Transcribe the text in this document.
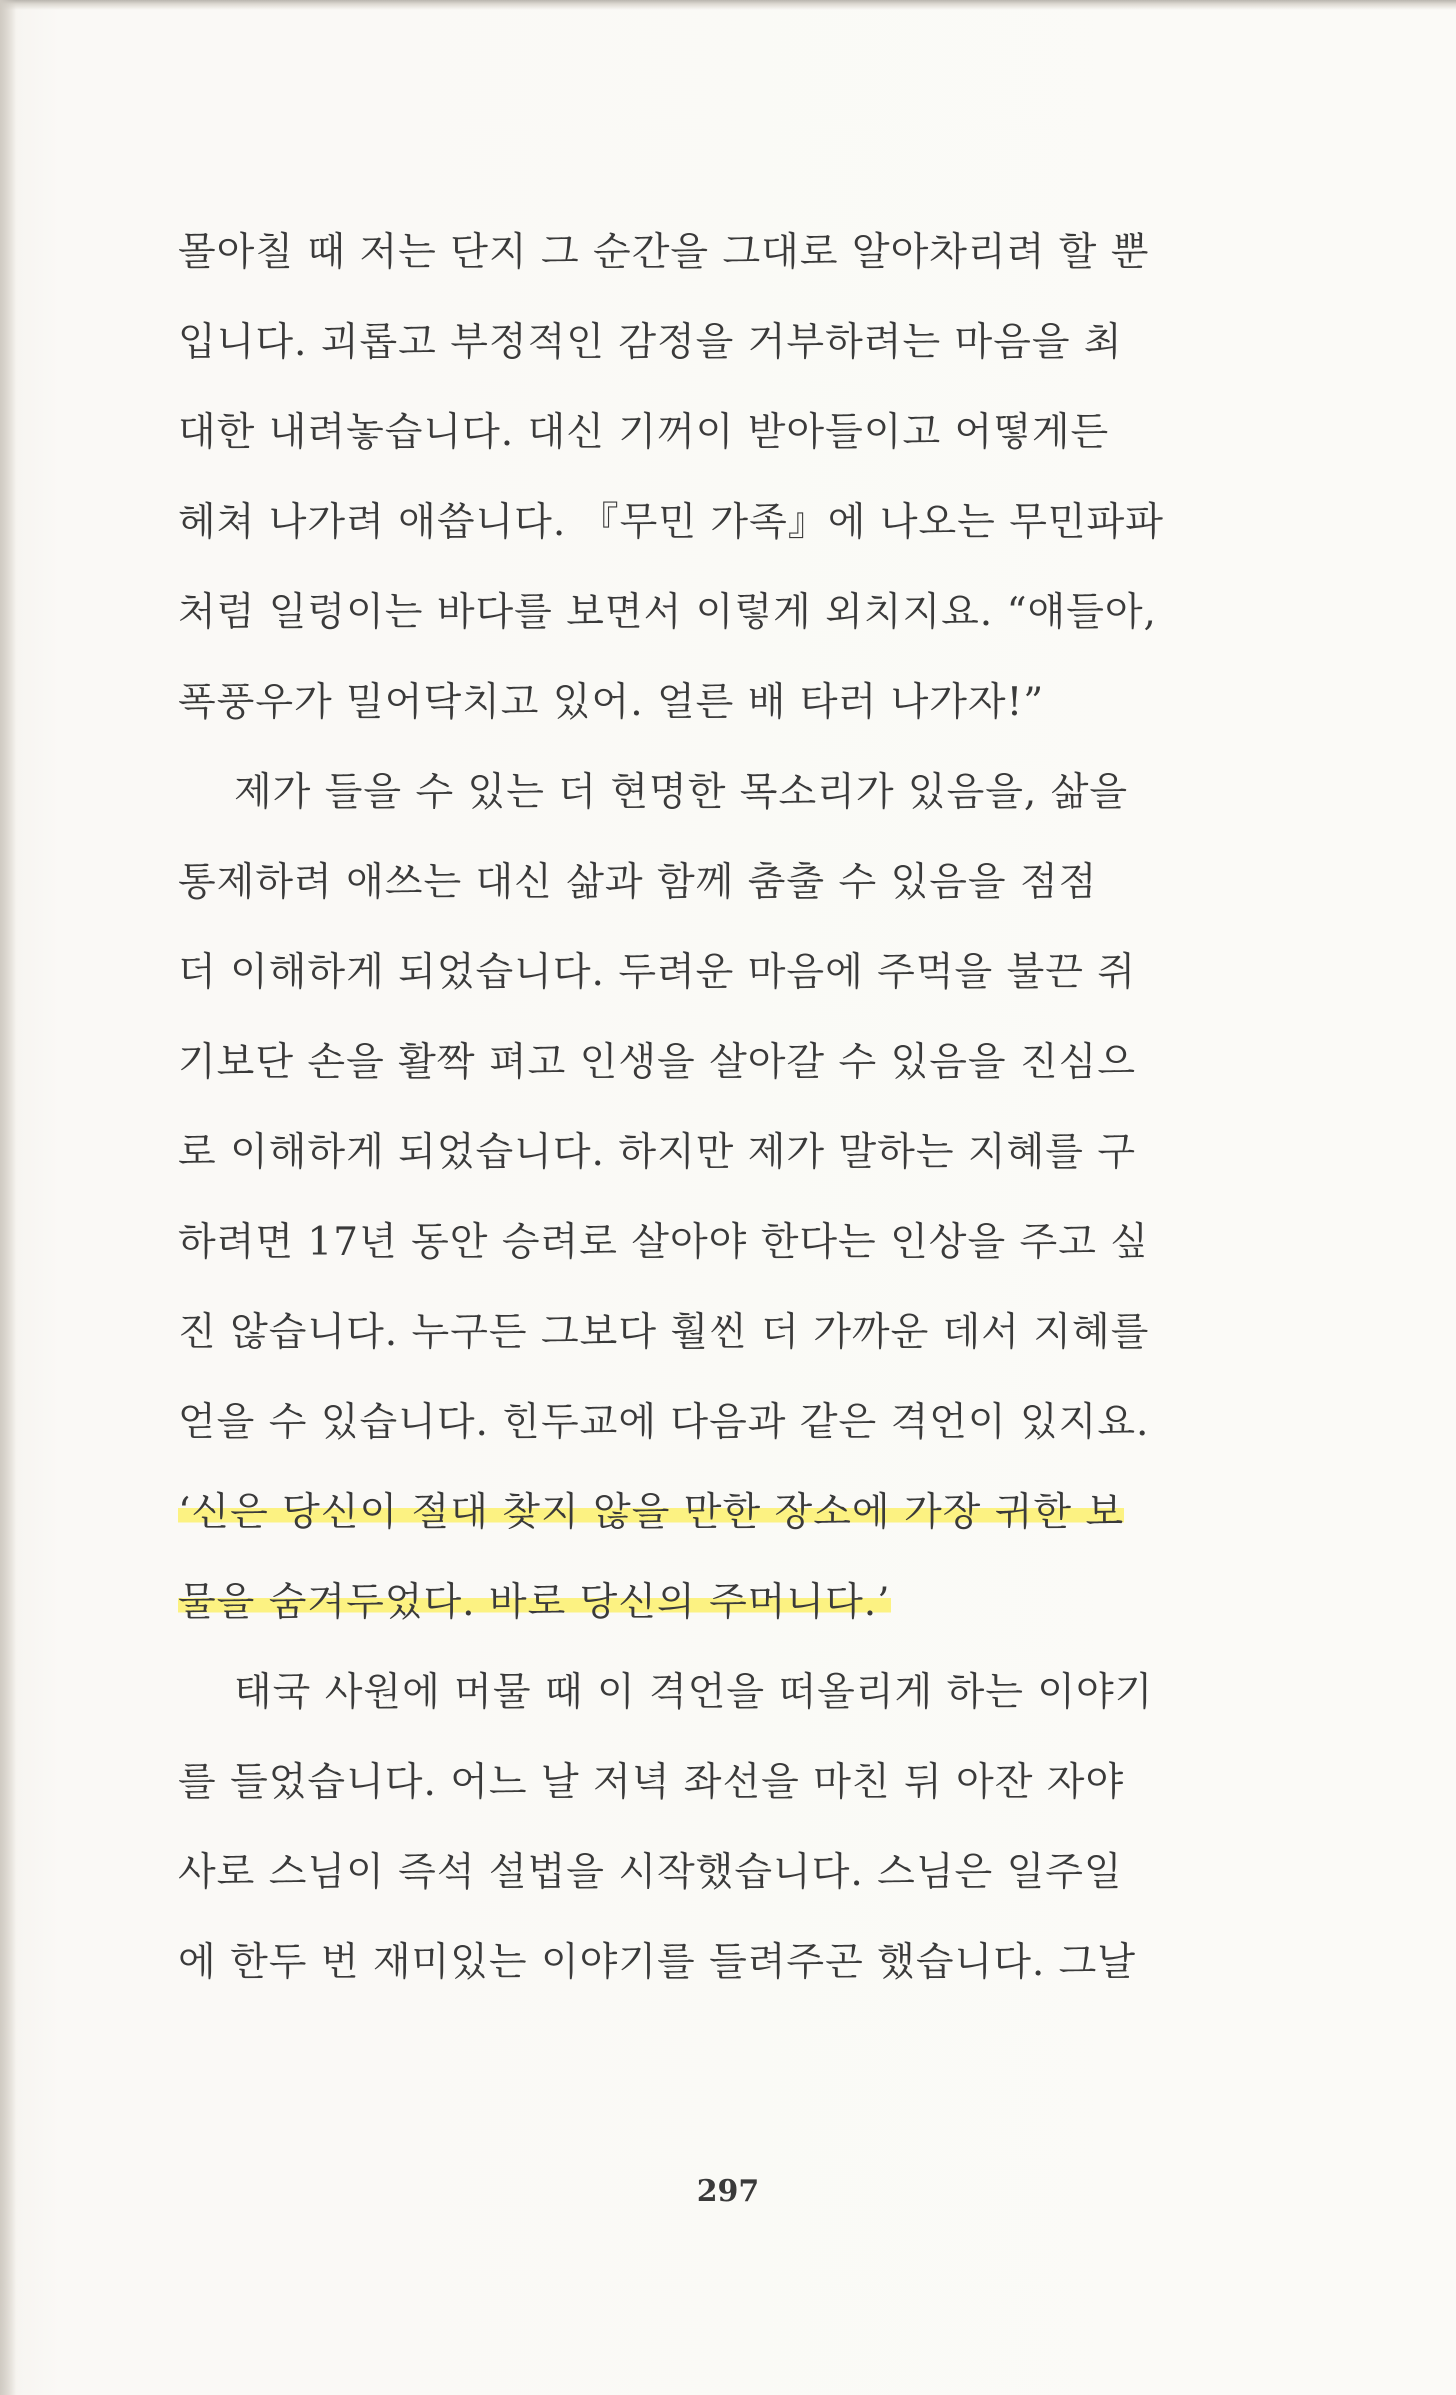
몰아칠 때 저는 단지 그 순간을 그대로 알아차리려 할 뿐
입니다. 괴롭고 부정적인 감정을 거부하려는 마음을 최
대한 내려놓습니다. 대신 기꺼이 받아들이고 어떻게든
헤쳐 나가려 애씁니다. 『무민 가족』에 나오는 무민파파
처럼 일렁이는 바다를 보면서 이렇게 외치지요. “얘들아,
폭풍우가 밀어닥치고 있어. 얼른 배 타러 나가자!”
제가 들을 수 있는 더 현명한 목소리가 있음을, 삶을
통제하려 애쓰는 대신 삶과 함께 춤출 수 있음을 점점
더 이해하게 되었습니다. 두려운 마음에 주먹을 불끈 쥐
기보단 손을 활짝 펴고 인생을 살아갈 수 있음을 진심으
로 이해하게 되었습니다. 하지만 제가 말하는 지혜를 구
하려면 17년 동안 승려로 살아야 한다는 인상을 주고 싶
진 않습니다. 누구든 그보다 훨씬 더 가까운 데서 지혜를
얻을 수 있습니다. 힌두교에 다음과 같은 격언이 있지요.
‘신은 당신이 절대 찾지 않을 만한 장소에 가장 귀한 보
물을 숨겨두었다. 바로 당신의 주머니다.’
태국 사원에 머물 때 이 격언을 떠올리게 하는 이야기
를 들었습니다. 어느 날 저녁 좌선을 마친 뒤 아잔 자야
사로 스님이 즉석 설법을 시작했습니다. 스님은 일주일
에 한두 번 재미있는 이야기를 들려주곤 했습니다. 그날
297
